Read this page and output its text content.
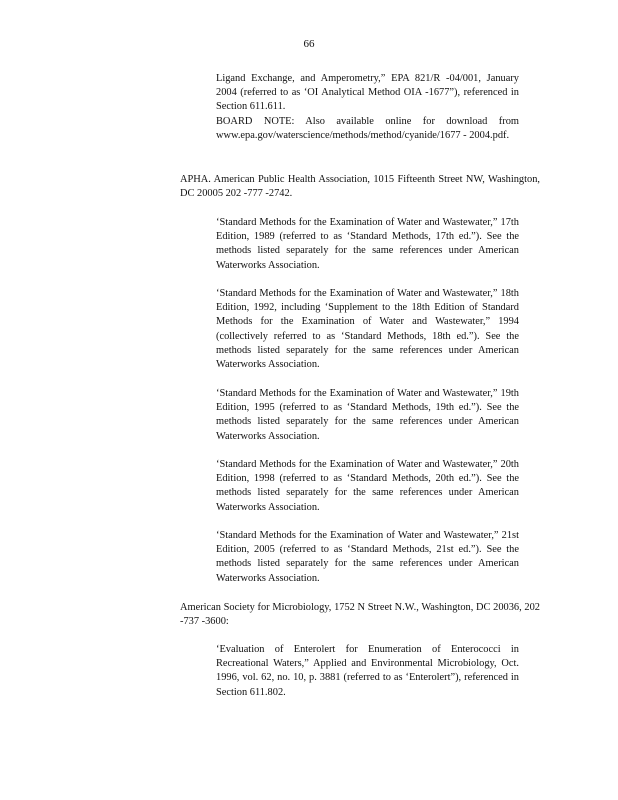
66

Ligand Exchange, and Amperometry,” EPA 821/R -04/001, January 2004 (referred to as ‘OI Analytical Method OIA -1677”), referenced in Section 611.611.

BOARD NOTE: Also available online for download from www.epa.gov/waterscience/methods/method/cyanide/1677 - 2004.pdf.

APHA. American Public Health Association, 1015 Fifteenth Street NW, Washington, DC 20005 202 -777 -2742.

‘Standard Methods for the Examination of Water and Wastewater,” 17th Edition, 1989 (referred to as ‘Standard Methods, 17th ed.”). See the methods listed separately for the same references under American Waterworks Association.

‘Standard Methods for the Examination of Water and Wastewater,” 18th Edition, 1992, including ‘Supplement to the 18th Edition of Standard Methods for the Examination of Water and Wastewater,” 1994 (collectively referred to as ‘Standard Methods, 18th ed.”). See the methods listed separately for the same references under American Waterworks Association.

‘Standard Methods for the Examination of Water and Wastewater,” 19th Edition, 1995 (referred to as ‘Standard Methods, 19th ed.”). See the methods listed separately for the same references under American Waterworks Association.

‘Standard Methods for the Examination of Water and Wastewater,” 20th Edition, 1998 (referred to as ‘Standard Methods, 20th ed.”). See the methods listed separately for the same references under American Waterworks Association.

‘Standard Methods for the Examination of Water and Wastewater,” 21st Edition, 2005 (referred to as ‘Standard Methods, 21st ed.”). See the methods listed separately for the same references under American Waterworks Association.

American Society for Microbiology, 1752 N Street N.W., Washington, DC 20036, 202 -737 -3600:

‘Evaluation of Enterolert for Enumeration of Enterococci in Recreational Waters,” Applied and Environmental Microbiology, Oct. 1996, vol. 62, no. 10, p. 3881 (referred to as ‘Enterolert”), referenced in Section 611.802.
